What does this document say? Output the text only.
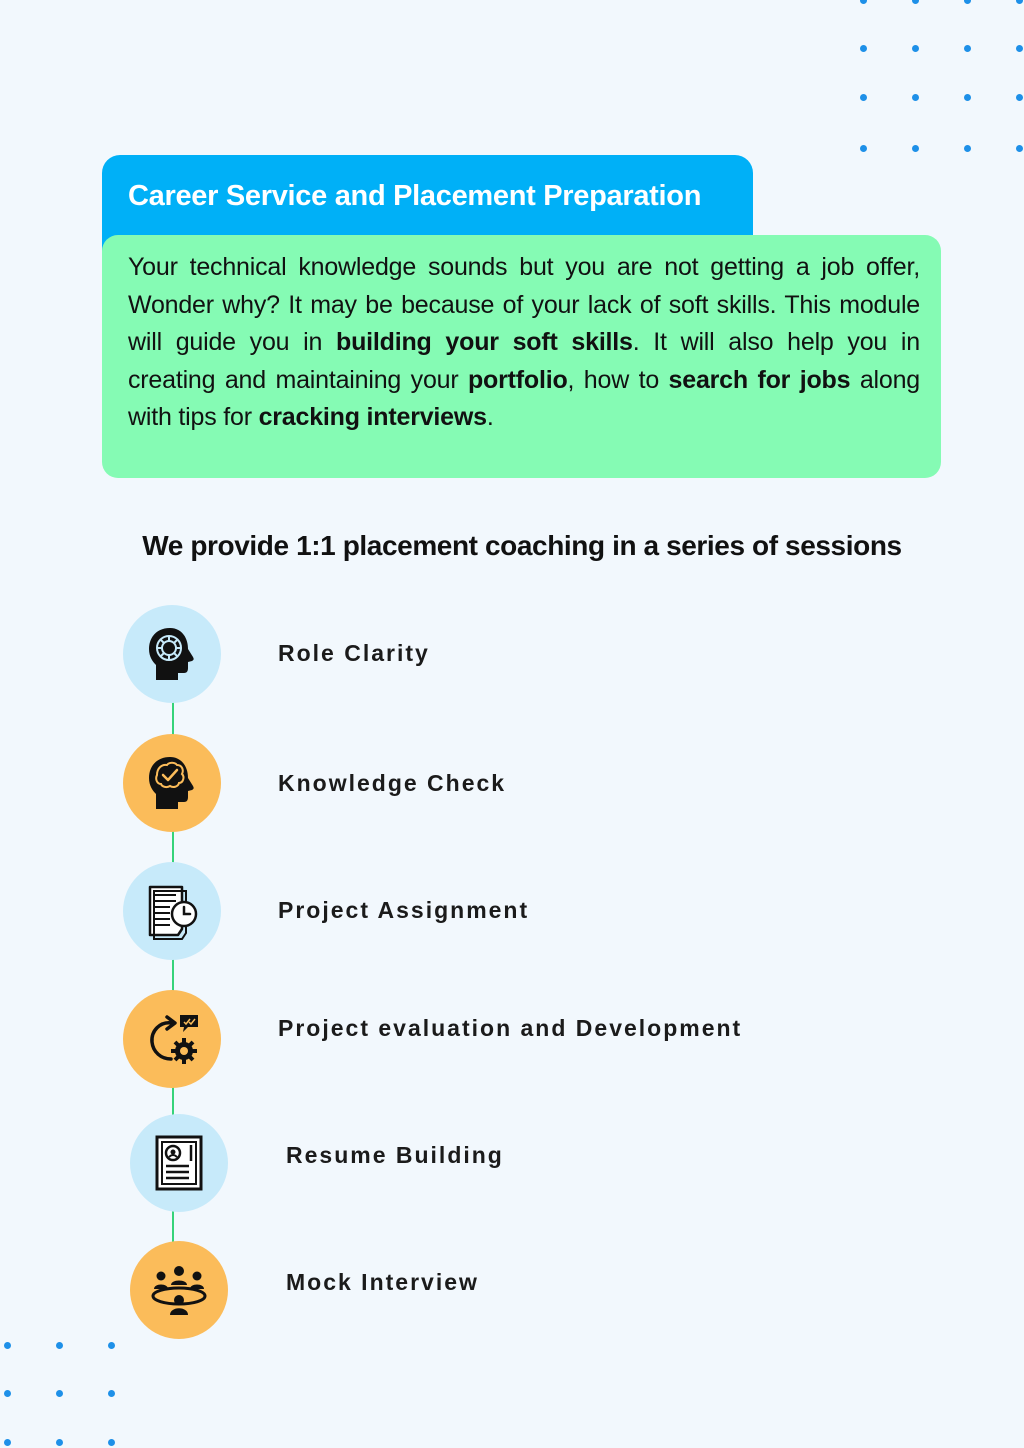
Career Service and Placement Preparation

Your technical knowledge sounds but you are not getting a job offer, Wonder why? It may be because of your lack of soft skills. This module will guide you in building your soft skills. It will also help you in creating and maintaining your portfolio, how to search for jobs along with tips for cracking interviews.

We provide 1:1 placement coaching in a series of sessions
Role Clarity
Knowledge Check
Project Assignment
Project evaluation and Development
Resume Building
Mock Interview
